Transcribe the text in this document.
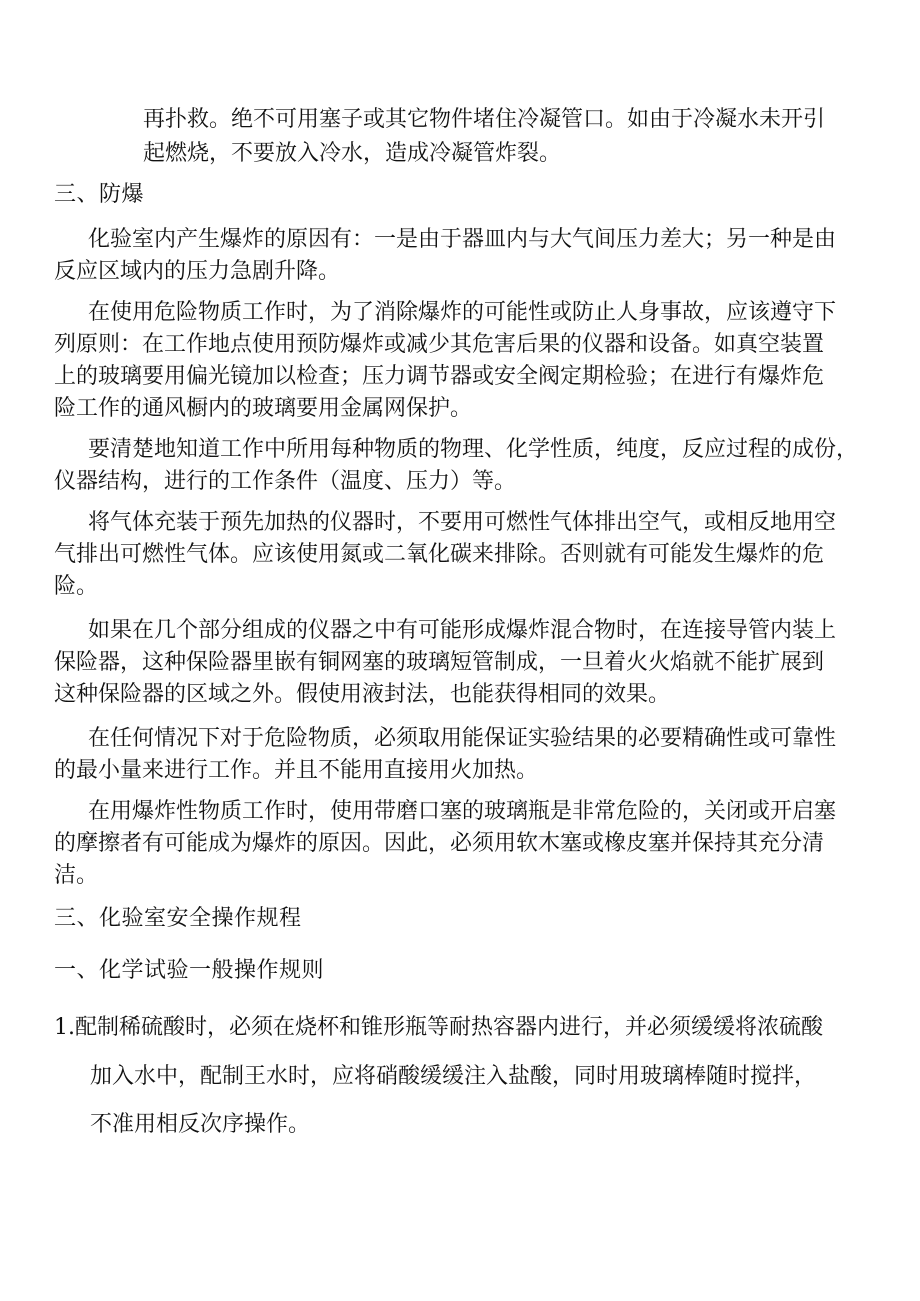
再扑救。绝不可用塞子或其它物件堵住冷凝管口。如由于冷凝水未开引
起燃烧，不要放入冷水，造成冷凝管炸裂。
三、防爆
化验室内产生爆炸的原因有：一是由于器皿内与大气间压力差大；另一种是由
反应区域内的压力急剧升降。
在使用危险物质工作时，为了消除爆炸的可能性或防止人身事故，应该遵守下
列原则：在工作地点使用预防爆炸或减少其危害后果的仪器和设备。如真空装置
上的玻璃要用偏光镜加以检查；压力调节器或安全阀定期检验；在进行有爆炸危
险工作的通风橱内的玻璃要用金属网保护。
要清楚地知道工作中所用每种物质的物理、化学性质，纯度，反应过程的成份，
仪器结构，进行的工作条件（温度、压力）等。
将气体充装于预先加热的仪器时，不要用可燃性气体排出空气，或相反地用空
气排出可燃性气体。应该使用氮或二氧化碳来排除。否则就有可能发生爆炸的危
险。
如果在几个部分组成的仪器之中有可能形成爆炸混合物时，在连接导管内装上
保险器，这种保险器里嵌有铜网塞的玻璃短管制成，一旦着火火焰就不能扩展到
这种保险器的区域之外。假使用液封法，也能获得相同的效果。
在任何情况下对于危险物质，必须取用能保证实验结果的必要精确性或可靠性
的最小量来进行工作。并且不能用直接用火加热。
在用爆炸性物质工作时，使用带磨口塞的玻璃瓶是非常危险的，关闭或开启塞
的摩擦者有可能成为爆炸的原因。因此，必须用软木塞或橡皮塞并保持其充分清
洁。
三、化验室安全操作规程
一、化学试验一般操作规则
1.配制稀硫酸时，必须在烧杯和锥形瓶等耐热容器内进行，并必须缓缓将浓硫酸
加入水中，配制王水时，应将硝酸缓缓注入盐酸，同时用玻璃棒随时搅拌，
不准用相反次序操作。
